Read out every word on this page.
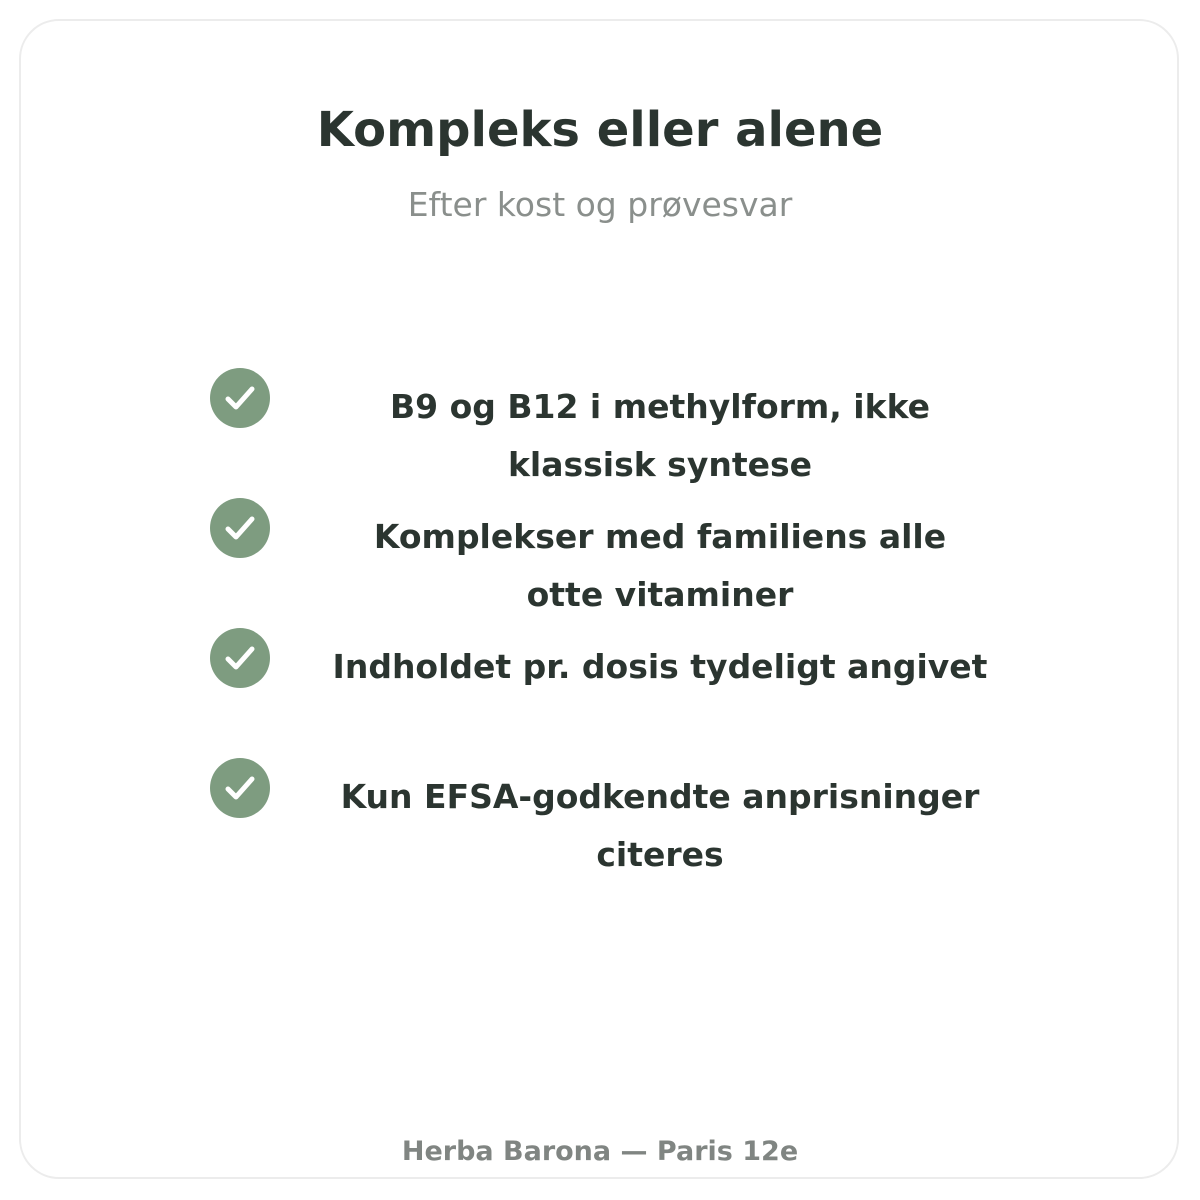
Kompleks eller alene

Efter kost og prøvesvar

B9 og B12 i methylform, ikke klassisk syntese
Komplekser med familiens alle otte vitaminer
Indholdet pr. dosis tydeligt angivet
Kun EFSA-godkendte anprisninger citeres
Herba Barona — Paris 12e
